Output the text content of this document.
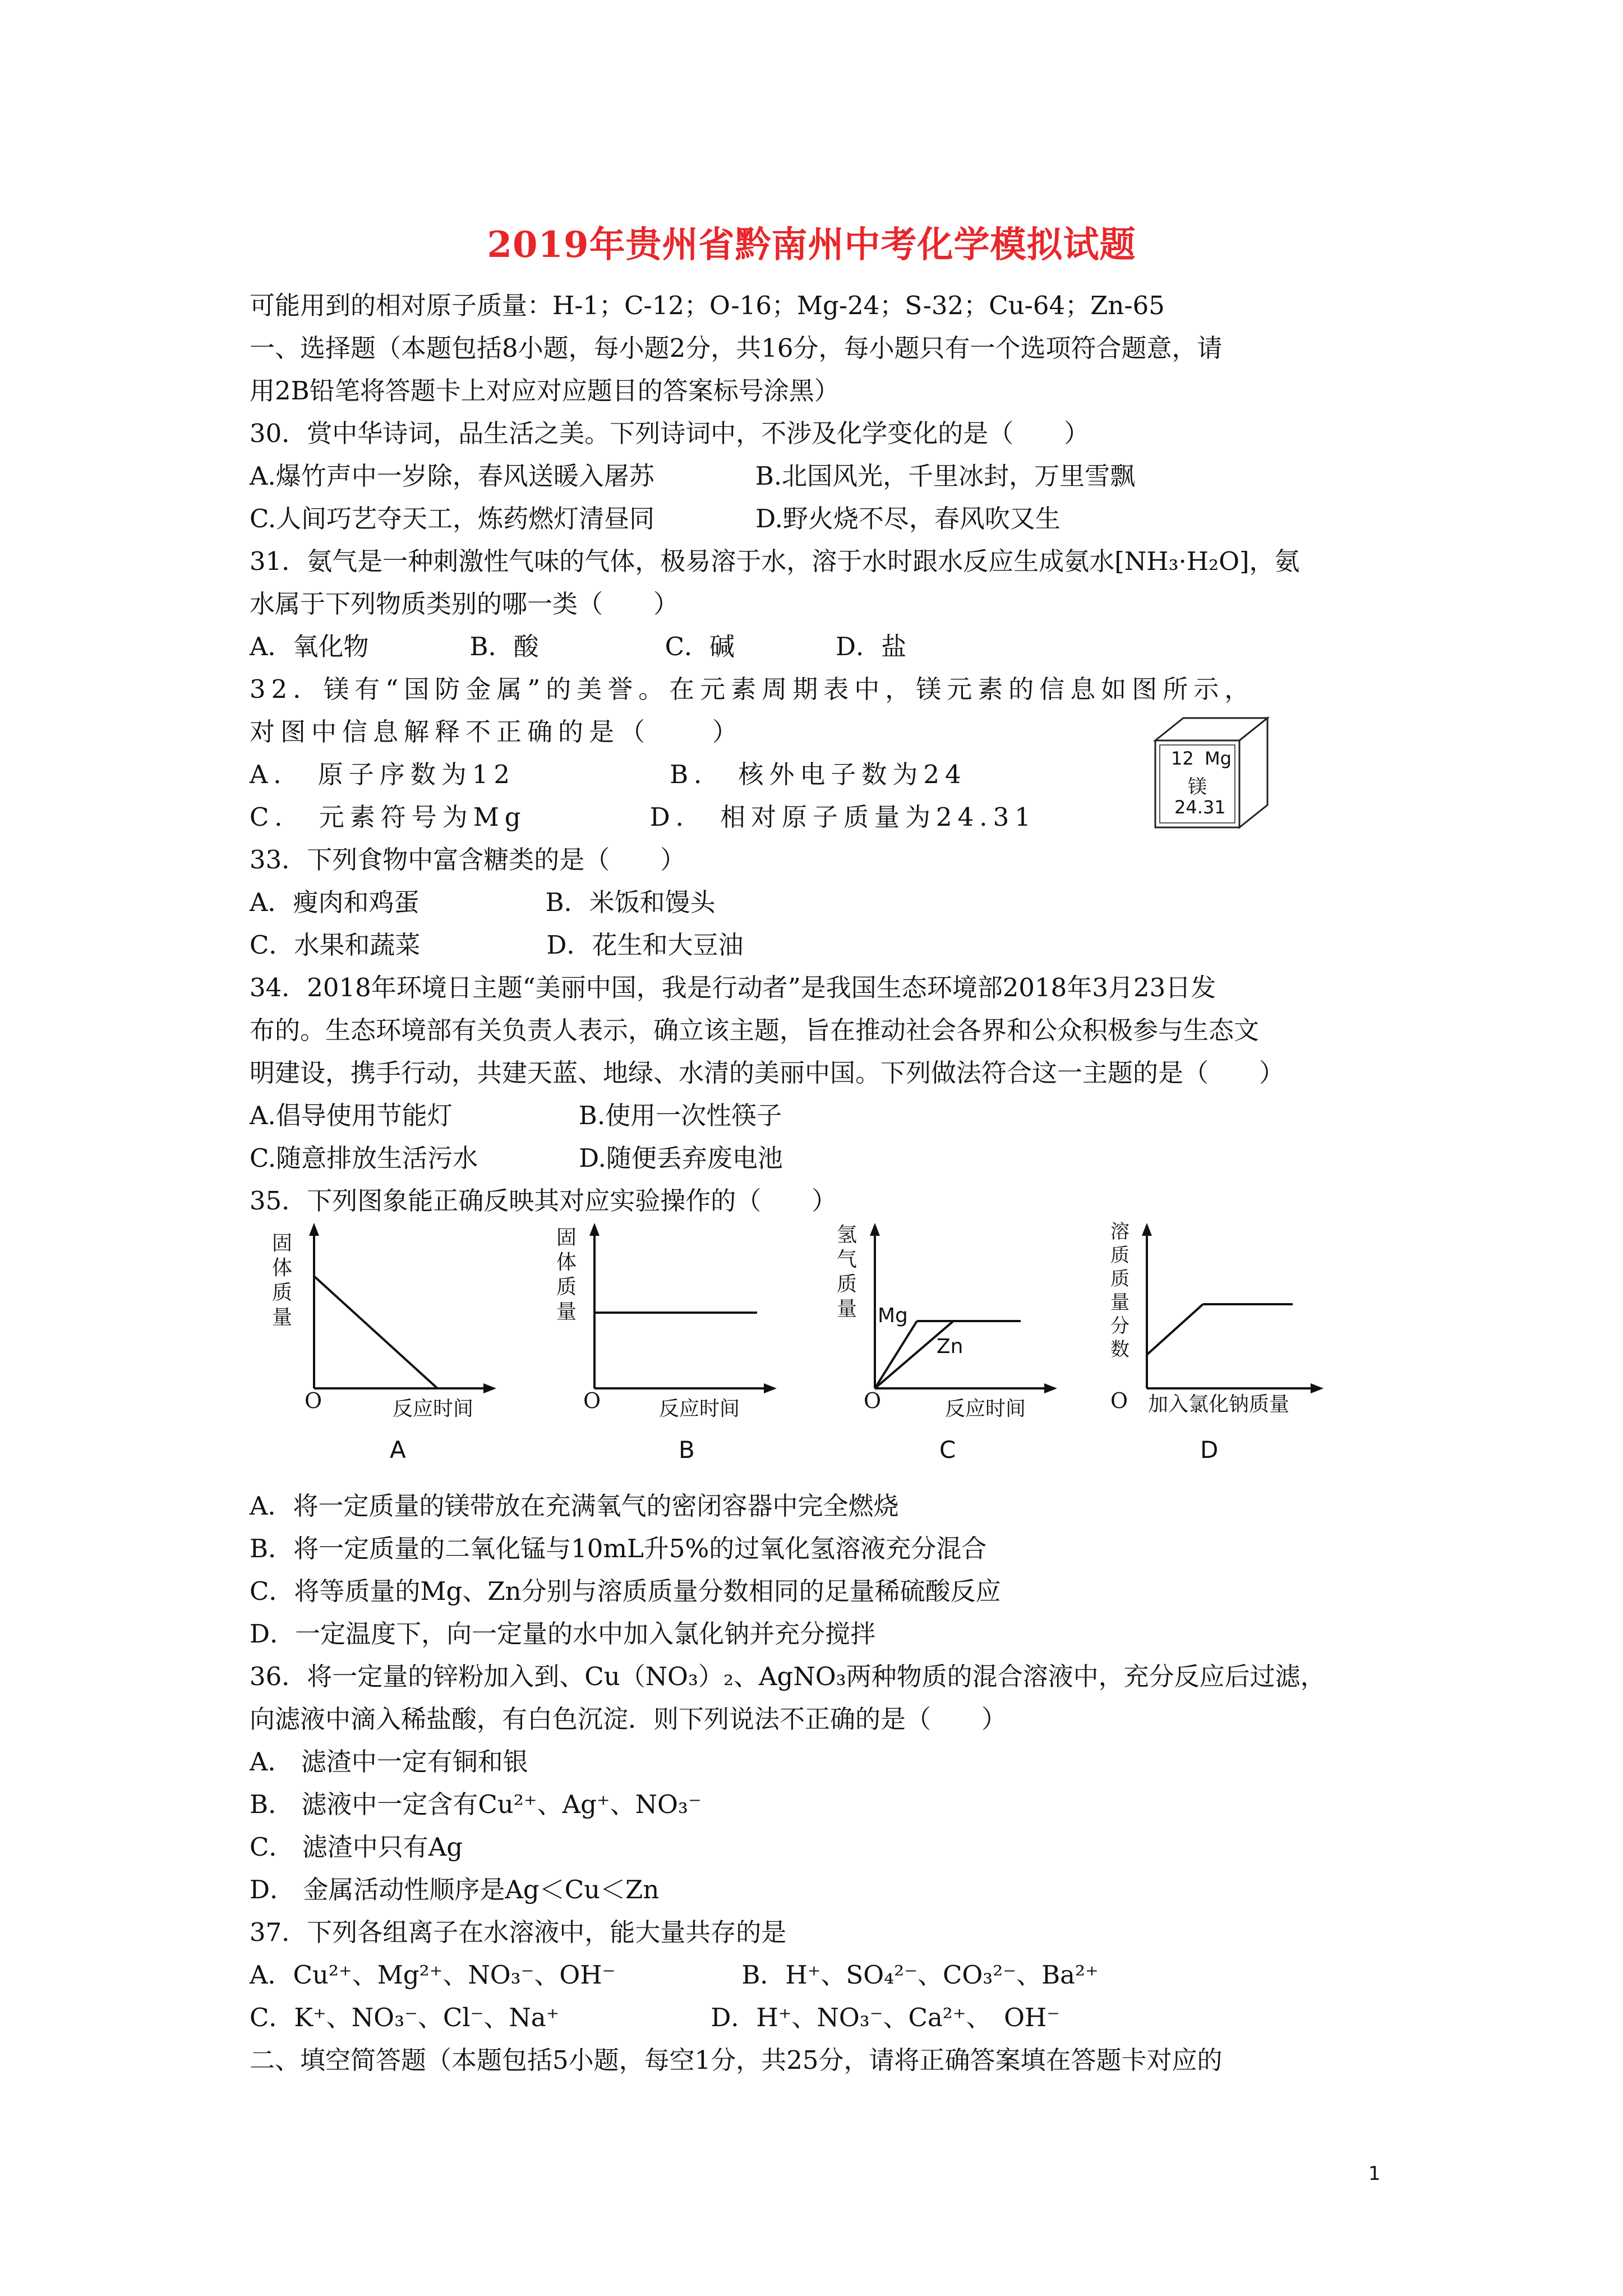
2019年贵州省黔南州中考化学模拟试题
可能用到的相对原子质量：H-1；C-12；O-16；Mg-24；S-32；Cu-64；Zn-65
一、选择题（本题包括8小题，每小题2分，共16分，每小题只有一个选项符合题意，请
用2B铅笔将答题卡上对应对应题目的答案标号涂黑）
30．赏中华诗词，品生活之美。下列诗词中，不涉及化学变化的是（　　）
A.爆竹声中一岁除，春风送暖入屠苏　　　　B.北国风光，千里冰封，万里雪飘
C.人间巧艺夺天工，炼药燃灯清昼同　　　　D.野火烧不尽，春风吹又生
31．氨气是一种刺激性气味的气体，极易溶于水，溶于水时跟水反应生成氨水[NH₃·H₂O]，氨
水属于下列物质类别的哪一类（　　）
A．氧化物　　　　B．酸　　　　　C．碱　　　　D．盐
32．镁有“国防金属”的美誉。在元素周期表中，镁元素的信息如图所示，
对图中信息解释不正确的是（　　）
A． 原子序数为12　　　　　B． 核外电子数为24
C． 元素符号为Mg　　　　D． 相对原子质量为24.31
33．下列食物中富含糖类的是（　　）
A．瘦肉和鸡蛋　　　　　B．米饭和馒头
C．水果和蔬菜　　　　　D．花生和大豆油
34．2018年环境日主题“美丽中国，我是行动者”是我国生态环境部2018年3月23日发
布的。生态环境部有关负责人表示，确立该主题，旨在推动社会各界和公众积极参与生态文
明建设，携手行动，共建天蓝、地绿、水清的美丽中国。下列做法符合这一主题的是（　　）
A.倡导使用节能灯　　　　　B.使用一次性筷子
C.随意排放生活污水　　　　D.随便丢弃废电池
35．下列图象能正确反映其对应实验操作的（　　）
12 Mg
镁
24.31
固体质量
O	反应时间
固体质量
O	反应时间
氢气质量
O	反应时间
Mg
Zn
溶质质量分数
O 加入氯化钠质量
A	B	C	D
A．将一定质量的镁带放在充满氧气的密闭容器中完全燃烧
B．将一定质量的二氧化锰与10mL升5%的过氧化氢溶液充分混合
C．将等质量的Mg、Zn分别与溶质质量分数相同的足量稀硫酸反应
D．一定温度下，向一定量的水中加入氯化钠并充分搅拌
36．将一定量的锌粉加入到、Cu（NO₃）₂、AgNO₃两种物质的混合溶液中，充分反应后过滤，
向滤液中滴入稀盐酸，有白色沉淀．则下列说法不正确的是（　　）
A． 滤渣中一定有铜和银
B． 滤液中一定含有Cu²⁺、Ag⁺、NO₃⁻
C． 滤渣中只有Ag
D． 金属活动性顺序是Ag＜Cu＜Zn
37．下列各组离子在水溶液中，能大量共存的是
A．Cu²⁺、Mg²⁺、NO₃⁻、OH⁻　　　　　B．H⁺、SO₄²⁻、CO₃²⁻、Ba²⁺
C．K⁺、NO₃⁻、Cl⁻、Na⁺　　　　　　D．H⁺、NO₃⁻、Ca²⁺、　OH⁻
二、填空简答题（本题包括5小题，每空1分，共25分，请将正确答案填在答题卡对应的
1
